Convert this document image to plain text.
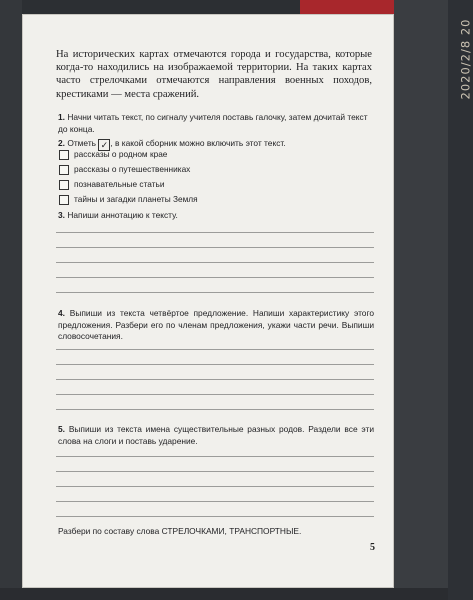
На исторических картах отмечаются города и государства, которые когда-то находились на изображаемой территории. На таких картах часто стрелочками отмечаются направления военных походов, крестиками — места сражений.
1. Начни читать текст, по сигналу учителя поставь галочку, затем дочитай текст до конца.
2. Отметь ✓ , в какой сборник можно включить этот текст.
рассказы о родном крае
рассказы о путешественниках
познавательные статьи
тайны и загадки планеты Земля
3. Напиши аннотацию к тексту.
4. Выпиши из текста четвёртое предложение. Напиши характеристику этого предложения. Разбери его по членам предложения, укажи части речи. Выпиши словосочетания.
5. Выпиши из текста имена существительные разных родов. Раздели все эти слова на слоги и поставь ударение.
Разбери по составу слова СТРЕЛОЧКАМИ, ТРАНСПОРТНЫЕ.
5
2020/2/8 20
